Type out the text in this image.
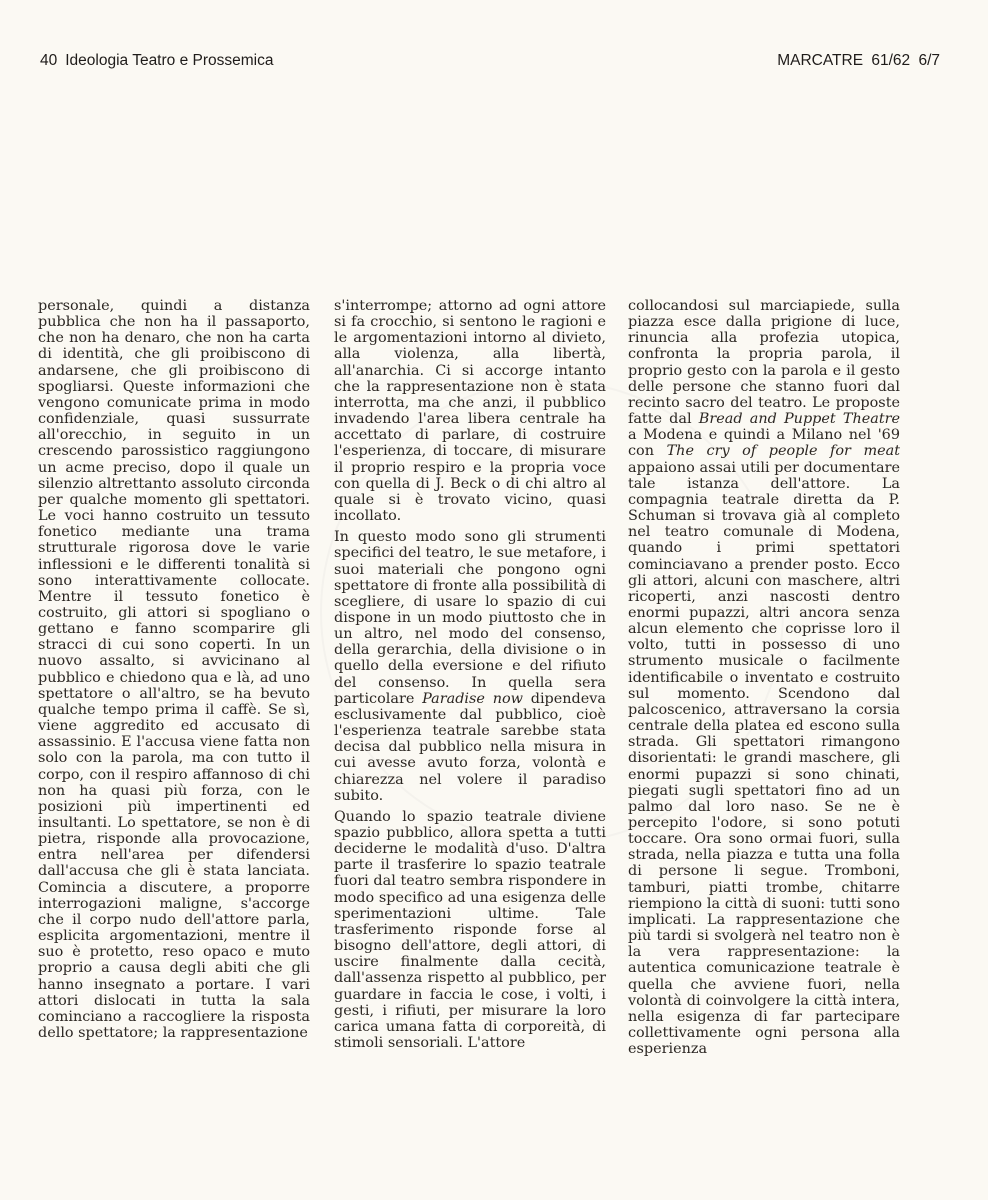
40 Ideologia Teatro e Prossemica	MARCATRE 61/62 6/7

personale, quindi a distanza pubblica che non ha il passaporto, che non ha denaro, che non ha carta di identità, che gli proibiscono di andarsene, che gli proibiscono di spogliarsi. Queste informazioni che vengono comunicate prima in modo confidenziale, quasi sussurrate all'orecchio, in seguito in un crescendo parossistico raggiungono un acme preciso, dopo il quale un silenzio altrettanto assoluto circonda per qualche momento gli spettatori. Le voci hanno costruito un tessuto fonetico mediante una trama strutturale rigorosa dove le varie inflessioni e le differenti tonalità si sono interattivamente collocate. Mentre il tessuto fonetico è costruito, gli attori si spogliano o gettano e fanno scomparire gli stracci di cui sono coperti. In un nuovo assalto, si avvicinano al pubblico e chiedono qua e là, ad uno spettatore o all'altro, se ha bevuto qualche tempo prima il caffè. Se sì, viene aggredito ed accusato di assassinio. E l'accusa viene fatta non solo con la parola, ma con tutto il corpo, con il respiro affannoso di chi non ha quasi più forza, con le posizioni più impertinenti ed insultanti. Lo spettatore, se non è di pietra, risponde alla provocazione, entra nell'area per difendersi dall'accusa che gli è stata lanciata. Comincia a discutere, a proporre interrogazioni maligne, s'accorge che il corpo nudo dell'attore parla, esplicita argomentazioni, mentre il suo è protetto, reso opaco e muto proprio a causa degli abiti che gli hanno insegnato a portare. I vari attori dislocati in tutta la sala cominciano a raccogliere la risposta dello spettatore; la rappresentazione

s'interrompe; attorno ad ogni attore si fa crocchio, si sentono le ragioni e le argomentazioni intorno al divieto, alla violenza, alla libertà, all'anarchia. Ci si accorge intanto che la rappresentazione non è stata interrotta, ma che anzi, il pubblico invadendo l'area libera centrale ha accettato di parlare, di costruire l'esperienza, di toccare, di misurare il proprio respiro e la propria voce con quella di J. Beck o di chi altro al quale si è trovato vicino, quasi incollato.

In questo modo sono gli strumenti specifici del teatro, le sue metafore, i suoi materiali che pongono ogni spettatore di fronte alla possibilità di scegliere, di usare lo spazio di cui dispone in un modo piuttosto che in un altro, nel modo del consenso, della gerarchia, della divisione o in quello della eversione e del rifiuto del consenso. In quella sera particolare Paradise now dipendeva esclusivamente dal pubblico, cioè l'esperienza teatrale sarebbe stata decisa dal pubblico nella misura in cui avesse avuto forza, volontà e chiarezza nel volere il paradiso subito.

Quando lo spazio teatrale diviene spazio pubblico, allora spetta a tutti deciderne le modalità d'uso. D'altra parte il trasferire lo spazio teatrale fuori dal teatro sembra rispondere in modo specifico ad una esigenza delle sperimentazioni ultime. Tale trasferimento risponde forse al bisogno dell'attore, degli attori, di uscire finalmente dalla cecità, dall'assenza rispetto al pubblico, per guardare in faccia le cose, i volti, i gesti, i rifiuti, per misurare la loro carica umana fatta di corporeità, di stimoli sensoriali. L'attore

collocandosi sul marciapiede, sulla piazza esce dalla prigione di luce, rinuncia alla profezia utopica, confronta la propria parola, il proprio gesto con la parola e il gesto delle persone che stanno fuori dal recinto sacro del teatro. Le proposte fatte dal Bread and Puppet Theatre a Modena e quindi a Milano nel '69 con The cry of people for meat appaiono assai utili per documentare tale istanza dell'attore. La compagnia teatrale diretta da P. Schuman si trovava già al completo nel teatro comunale di Modena, quando i primi spettatori cominciavano a prender posto. Ecco gli attori, alcuni con maschere, altri ricoperti, anzi nascosti dentro enormi pupazzi, altri ancora senza alcun elemento che coprisse loro il volto, tutti in possesso di uno strumento musicale o facilmente identificabile o inventato e costruito sul momento. Scendono dal palcoscenico, attraversano la corsia centrale della platea ed escono sulla strada. Gli spettatori rimangono disorientati: le grandi maschere, gli enormi pupazzi si sono chinati, piegati sugli spettatori fino ad un palmo dal loro naso. Se ne è percepito l'odore, si sono potuti toccare. Ora sono ormai fuori, sulla strada, nella piazza e tutta una folla di persone li segue. Tromboni, tamburi, piatti trombe, chitarre riempiono la città di suoni: tutti sono implicati. La rappresentazione che più tardi si svolgerà nel teatro non è la vera rappresentazione: la autentica comunicazione teatrale è quella che avviene fuori, nella volontà di coinvolgere la città intera, nella esigenza di far partecipare collettivamente ogni persona alla esperienza
